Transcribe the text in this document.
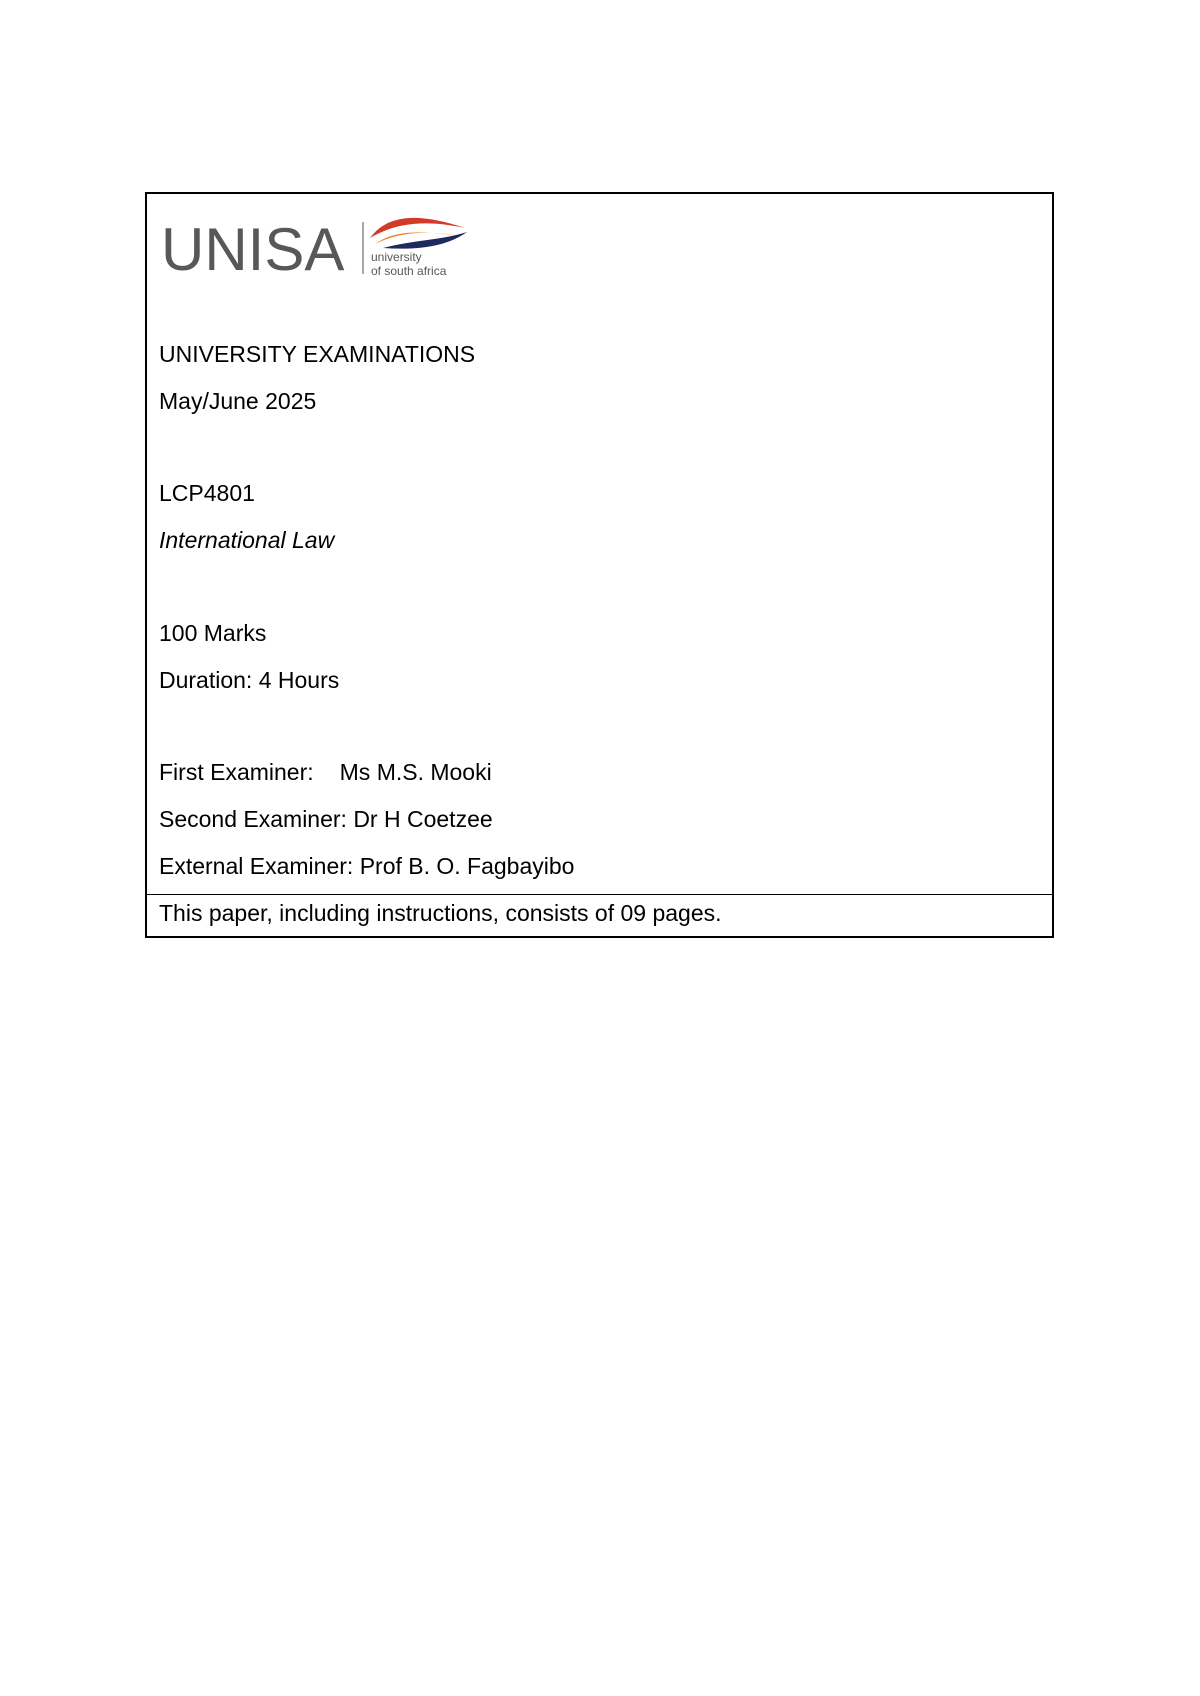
UNISA university
of south africa
UNIVERSITY EXAMINATIONS
May/June 2025
LCP4801
International Law
100 Marks
Duration: 4 Hours
First Examiner: Ms M.S. Mooki
Second Examiner: Dr H Coetzee
External Examiner: Prof B. O. Fagbayibo
This paper, including instructions, consists of 09 pages.
